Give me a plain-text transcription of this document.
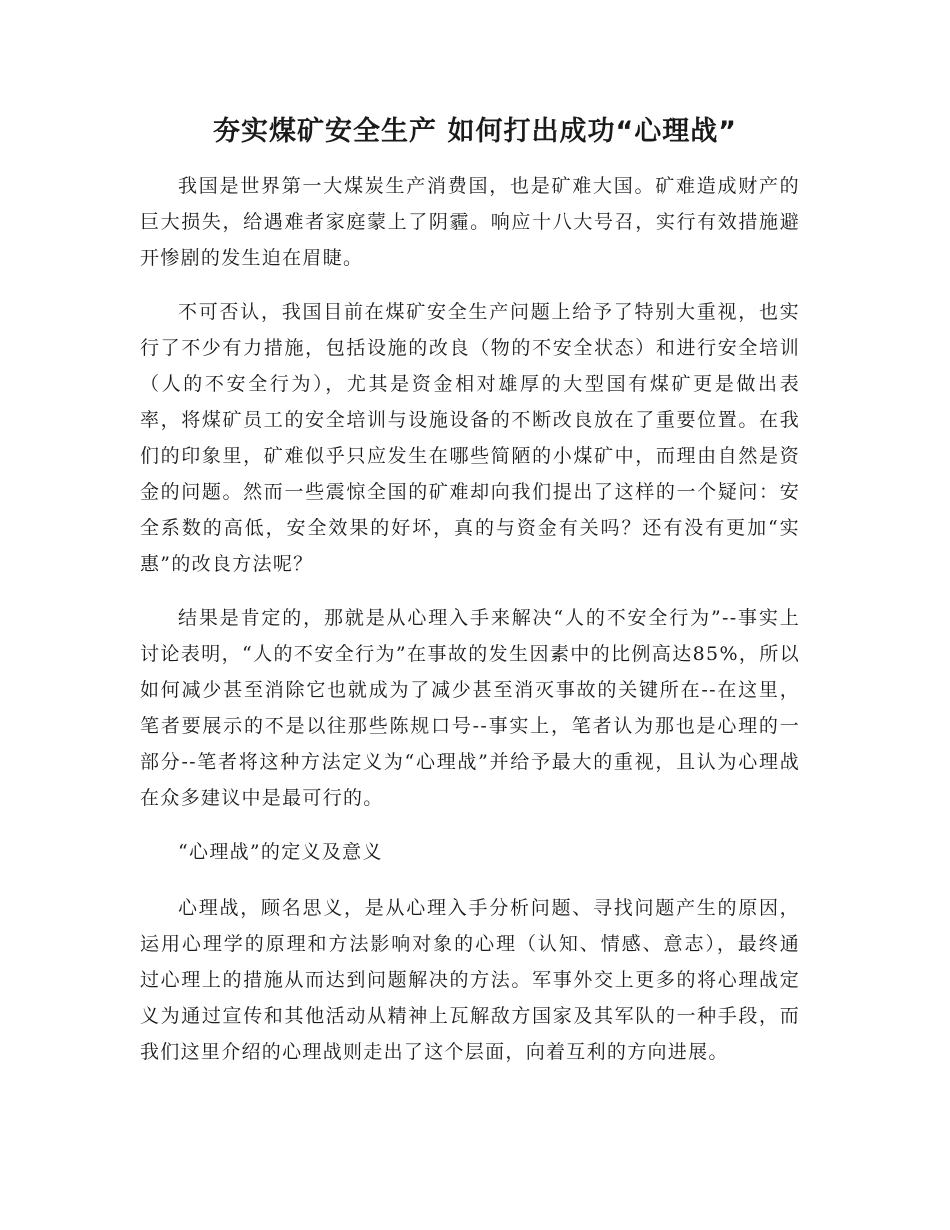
夯实煤矿安全生产 如何打出成功“心理战”

我国是世界第一大煤炭生产消费国，也是矿难大国。矿难造成财产的巨大损失，给遇难者家庭蒙上了阴霾。响应十八大号召，实行有效措施避开惨剧的发生迫在眉睫。

不可否认，我国目前在煤矿安全生产问题上给予了特别大重视，也实行了不少有力措施，包括设施的改良（物的不安全状态）和进行安全培训（人的不安全行为），尤其是资金相对雄厚的大型国有煤矿更是做出表率，将煤矿员工的安全培训与设施设备的不断改良放在了重要位置。在我们的印象里，矿难似乎只应发生在哪些简陋的小煤矿中，而理由自然是资金的问题。然而一些震惊全国的矿难却向我们提出了这样的一个疑问：安全系数的高低，安全效果的好坏，真的与资金有关吗？还有没有更加“实惠”的改良方法呢？

结果是肯定的，那就是从心理入手来解决“人的不安全行为”--事实上讨论表明，“人的不安全行为”在事故的发生因素中的比例高达85%，所以如何减少甚至消除它也就成为了减少甚至消灭事故的关键所在--在这里，笔者要展示的不是以往那些陈规口号--事实上，笔者认为那也是心理的一部分--笔者将这种方法定义为“心理战”并给予最大的重视，且认为心理战在众多建议中是最可行的。

“心理战”的定义及意义

心理战，顾名思义，是从心理入手分析问题、寻找问题产生的原因，运用心理学的原理和方法影响对象的心理（认知、情感、意志），最终通过心理上的措施从而达到问题解决的方法。军事外交上更多的将心理战定义为通过宣传和其他活动从精神上瓦解敌方国家及其军队的一种手段，而我们这里介绍的心理战则走出了这个层面，向着互利的方向进展。
